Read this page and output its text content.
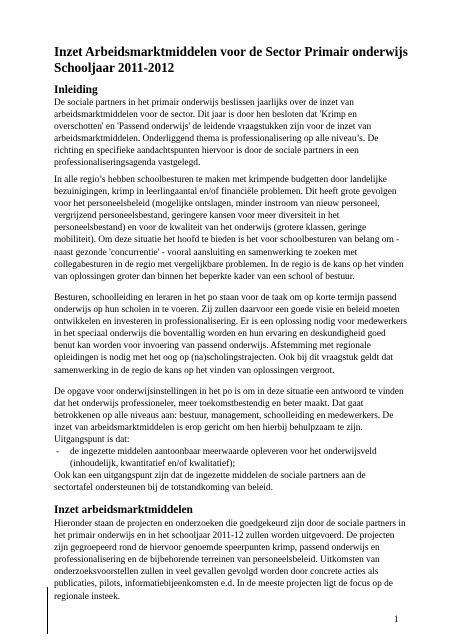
Inzet Arbeidsmarktmiddelen voor de Sector Primair onderwijs
Schooljaar 2011-2012
Inleiding
De sociale partners in het primair onderwijs beslissen jaarlijks over de inzet van
arbeidsmarktmiddelen voor de sector. Dit jaar is door hen besloten dat 'Krimp en
overschotten' en 'Passend onderwijs' de leidende vraagstukken zijn voor de inzet van
arbeidsmarktmiddelen. Onderliggend thema is professionalisering op alle niveau’s. De
richting en specifieke aandachtspunten hiervoor is door de sociale partners in een
professionaliseringsagenda vastgelegd.
In alle regio’s hebben schoolbesturen te maken met krimpende budgetten door landelijke
bezuinigingen, krimp in leerlingaantal en/of financiële problemen. Dit heeft grote gevolgen
voor het personeelsbeleid (mogelijke ontslagen, minder instroom van nieuw personeel,
vergrijzend personeelsbestand, geringere kansen voor meer diversiteit in het
personeelsbestand) en voor de kwaliteit van het onderwijs (grotere klassen, geringe
mobiliteit). Om deze situatie het hoofd te bieden is het voor schoolbesturen van belang om -
naast gezonde 'concurrentie' - vooral aansluiting en samenwerking te zoeken met
collegabesturen in de regio met vergelijkbare problemen. In de regio is de kans op het vinden
van oplossingen groter dan binnen het beperkte kader van een school of bestuur.
Besturen, schoolleiding en leraren in het po staan voor de taak om op korte termijn passend
onderwijs op hun scholen in te voeren. Zij zullen daarvoor een goede visie en beleid moeten
ontwikkelen en investeren in professionalisering. Er is een oplossing nodig voor medewerkers
in het speciaal onderwijs die boventallig worden en hun ervaring en deskundigheid goed
benut kan worden voor invoering van passend onderwijs. Afstemming met regionale
opleidingen is nodig met het oog op (na)scholingstrajecten. Ook bij dit vraagstuk geldt dat
samenwerking in de regio de kans op het vinden van oplossingen vergroot.
De opgave voor onderwijsinstellingen in het po is om in deze situatie een antwoord te vinden
dat het onderwijs professioneler, meer toekomstbestendig en beter maakt. Dat gaat
betrokkenen op alle niveaus aan: bestuur, management, schoolleiding en medewerkers. De
inzet van arbeidsmarktmiddelen is erop gericht om hen hierbij behulpzaam te zijn.
Uitgangspunt is dat:
- de ingezette middelen aantoonbaar meerwaarde opleveren voor het onderwijsveld
(inhoudelijk, kwantitatief en/of kwalitatief);
Ook kan een uitgangspunt zijn dat de ingezette middelen de sociale partners aan de
sectortafel ondersteunen bij de totstandkoming van beleid.
Inzet arbeidsmarktmiddelen
Hieronder staan de projecten en onderzoeken die goedgekeurd zijn door de sociale partners in
het primair onderwijs en in het schooljaar 2011-12 zullen worden uitgevoerd. De projecten
zijn gegroepeerd rond de hiervoor genoemde speerpunten krimp, passend onderwijs en
professionalisering en de bijbehorende terreinen van personeelsbeleid. Uitkomsten van
onderzoeksvoorstellen zullen in veel gevallen gevolgd worden door concrete acties als
publicaties, pilots, informatiebijeenkomsten e.d. In de meeste projecten ligt de focus op de
regionale insteek.
1
